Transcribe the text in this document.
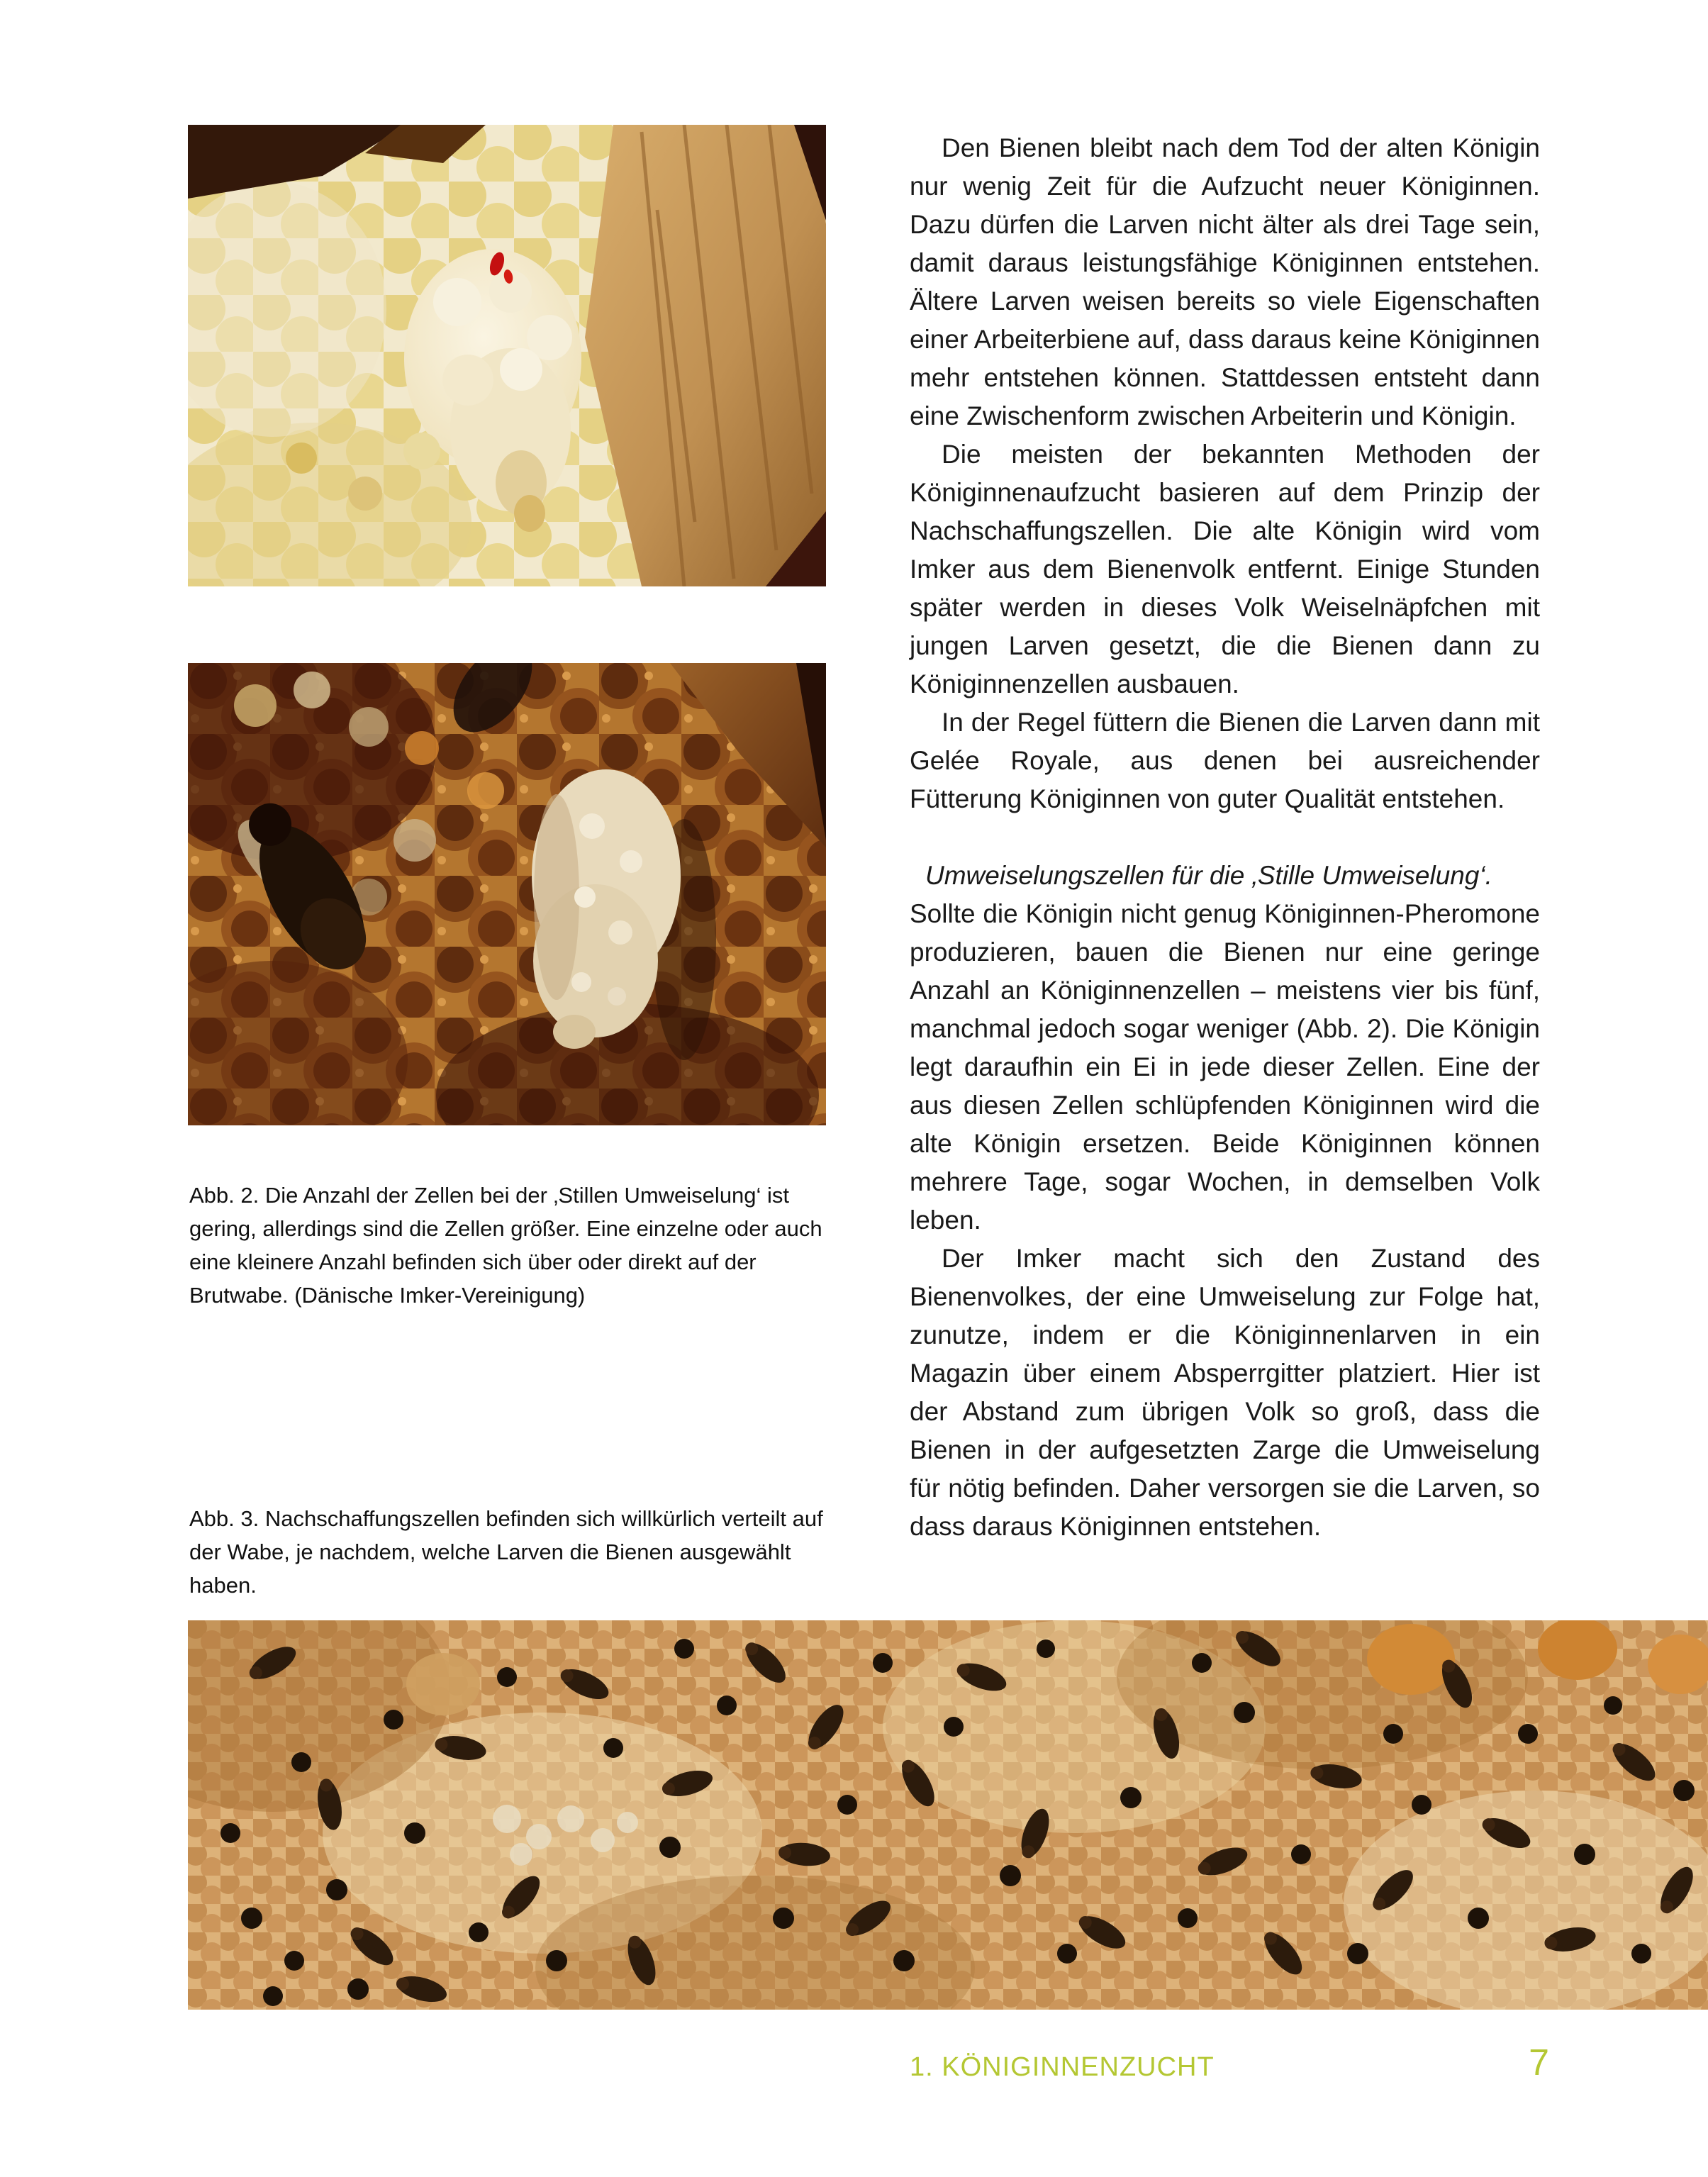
Abb. 2. Die Anzahl der Zellen bei der ‚Stillen Umweiselung‘ ist gering, allerdings sind die Zellen größer. Eine einzelne oder auch eine kleinere Anzahl befinden sich über oder direkt auf der Brutwabe. (Dänische Imker-Vereinigung)
Abb. 3. Nachschaffungszellen befinden sich willkürlich verteilt auf der Wabe, je nachdem, welche Larven die Bienen ausgewählt haben.

Den Bienen bleibt nach dem Tod der alten Königin nur wenig Zeit für die Aufzucht neuer Königinnen. Dazu dürfen die Larven nicht älter als drei Tage sein, damit daraus leistungsfähige Königinnen entstehen. Ältere Larven weisen bereits so viele Eigenschaften einer Arbeiterbiene auf, dass daraus keine Königinnen mehr entstehen können. Stattdessen entsteht dann eine Zwischenform zwischen Arbeiterin und Königin.

Die meisten der bekannten Methoden der Königinnenaufzucht basieren auf dem Prinzip der Nachschaffungszellen. Die alte Königin wird vom Imker aus dem Bienenvolk entfernt. Einige Stunden später werden in dieses Volk Weiselnäpfchen mit jungen Larven gesetzt, die die Bienen dann zu Königinnenzellen ausbauen.

In der Regel füttern die Bienen die Larven dann mit Gelée Royale, aus denen bei ausreichender Fütterung Königinnen von guter Qualität entstehen.

Umweiselungszellen für die ‚Stille Umweiselung‘.

Sollte die Königin nicht genug Königinnen-Pheromone produzieren, bauen die Bienen nur eine geringe Anzahl an Königinnenzellen – meistens vier bis fünf, manchmal jedoch sogar weniger (Abb. 2). Die Königin legt daraufhin ein Ei in jede dieser Zellen. Eine der aus diesen Zellen schlüpfenden Königinnen wird die alte Königin ersetzen. Beide Königinnen können mehrere Tage, sogar Wochen, in demselben Volk leben.

Der Imker macht sich den Zustand des Bienenvolkes, der eine Umweiselung zur Folge hat, zunutze, indem er die Königinnenlarven in ein Magazin über einem Absperrgitter platziert. Hier ist der Abstand zum übrigen Volk so groß, dass die Bienen in der aufgesetzten Zarge die Umweiselung für nötig befinden. Daher versorgen sie die Larven, so dass daraus Königinnen entstehen.

1. KÖNIGINNENZUCHT	7
